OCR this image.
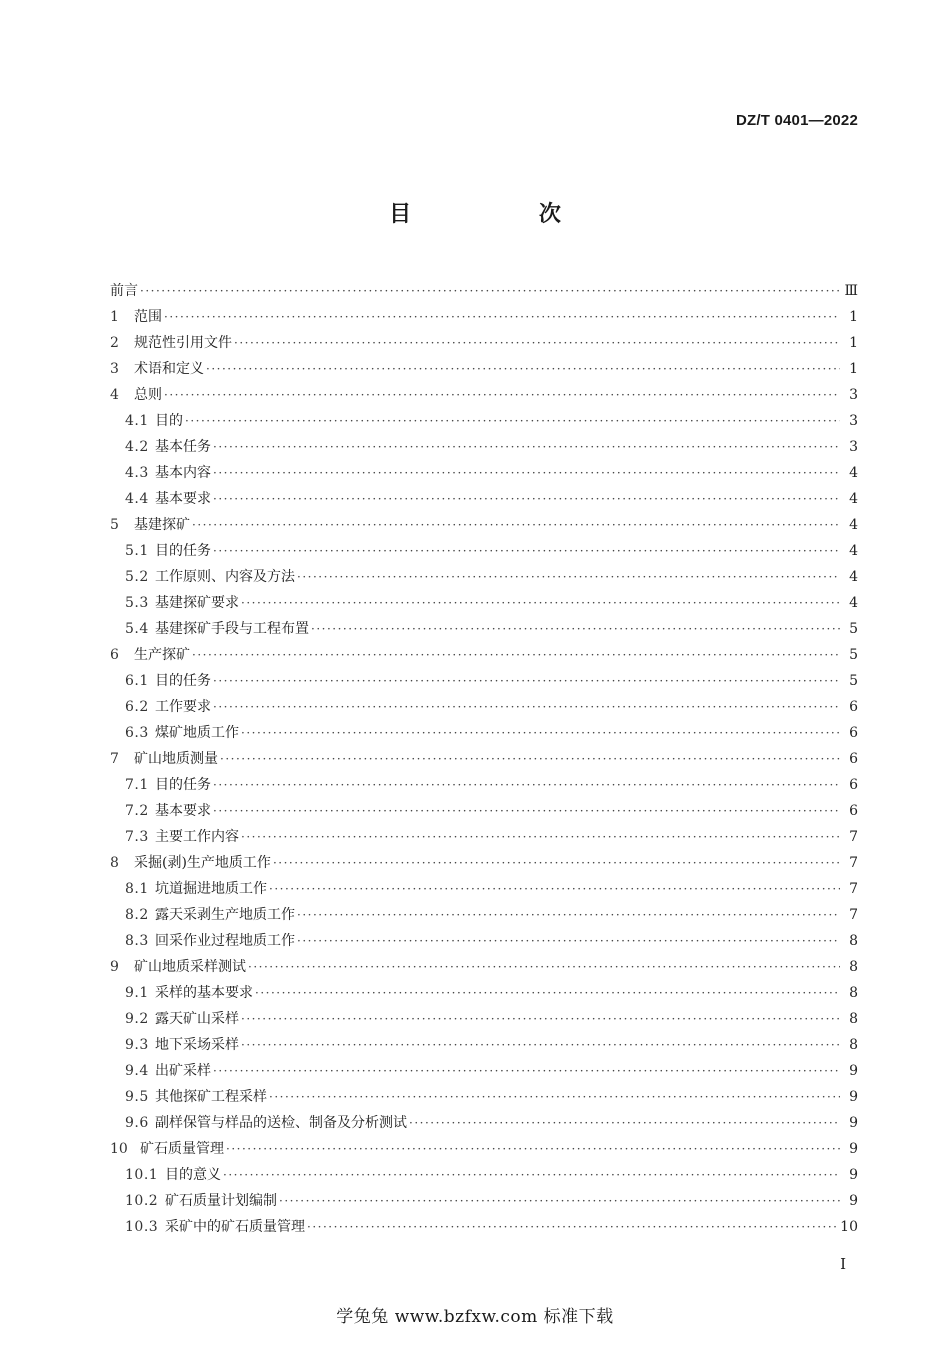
DZ/T 0401—2022
目 次
前言 ·····	Ⅲ
1	范围 ·····	1
2	规范性引用文件 ·····	1
3	术语和定义 ·····	1
4	总则 ·····	3
4.1 目的 ·····	3
4.2 基本任务 ·····	3
4.3 基本内容 ·····	4
4.4 基本要求 ·····	4
5	基建探矿 ·····	4
5.1 目的任务 ·····	4
5.2 工作原则、内容及方法 ·····	4
5.3 基建探矿要求 ·····	4
5.4 基建探矿手段与工程布置 ·····	5
6	生产探矿 ·····	5
6.1 目的任务 ·····	5
6.2 工作要求 ·····	6
6.3 煤矿地质工作 ·····	6
7	矿山地质测量 ·····	6
7.1 目的任务 ·····	6
7.2 基本要求 ·····	6
7.3 主要工作内容 ·····	7
8	采掘(剥)生产地质工作 ·····	7
8.1 坑道掘进地质工作 ·····	7
8.2 露天采剥生产地质工作 ·····	7
8.3 回采作业过程地质工作 ·····	8
9	矿山地质采样测试 ·····	8
9.1 采样的基本要求 ·····	8
9.2 露天矿山采样 ·····	8
9.3 地下采场采样 ·····	8
9.4 出矿采样 ·····	9
9.5 其他探矿工程采样 ·····	9
9.6 副样保管与样品的送检、制备及分析测试 ·····	9
10 矿石质量管理 ·····	9
10.1 目的意义 ·····	9
10.2 矿石质量计划编制 ·····	9
10.3 采矿中的矿石质量管理 ·····	10
I
学兔兔 www.bzfxw.com 标准下载
